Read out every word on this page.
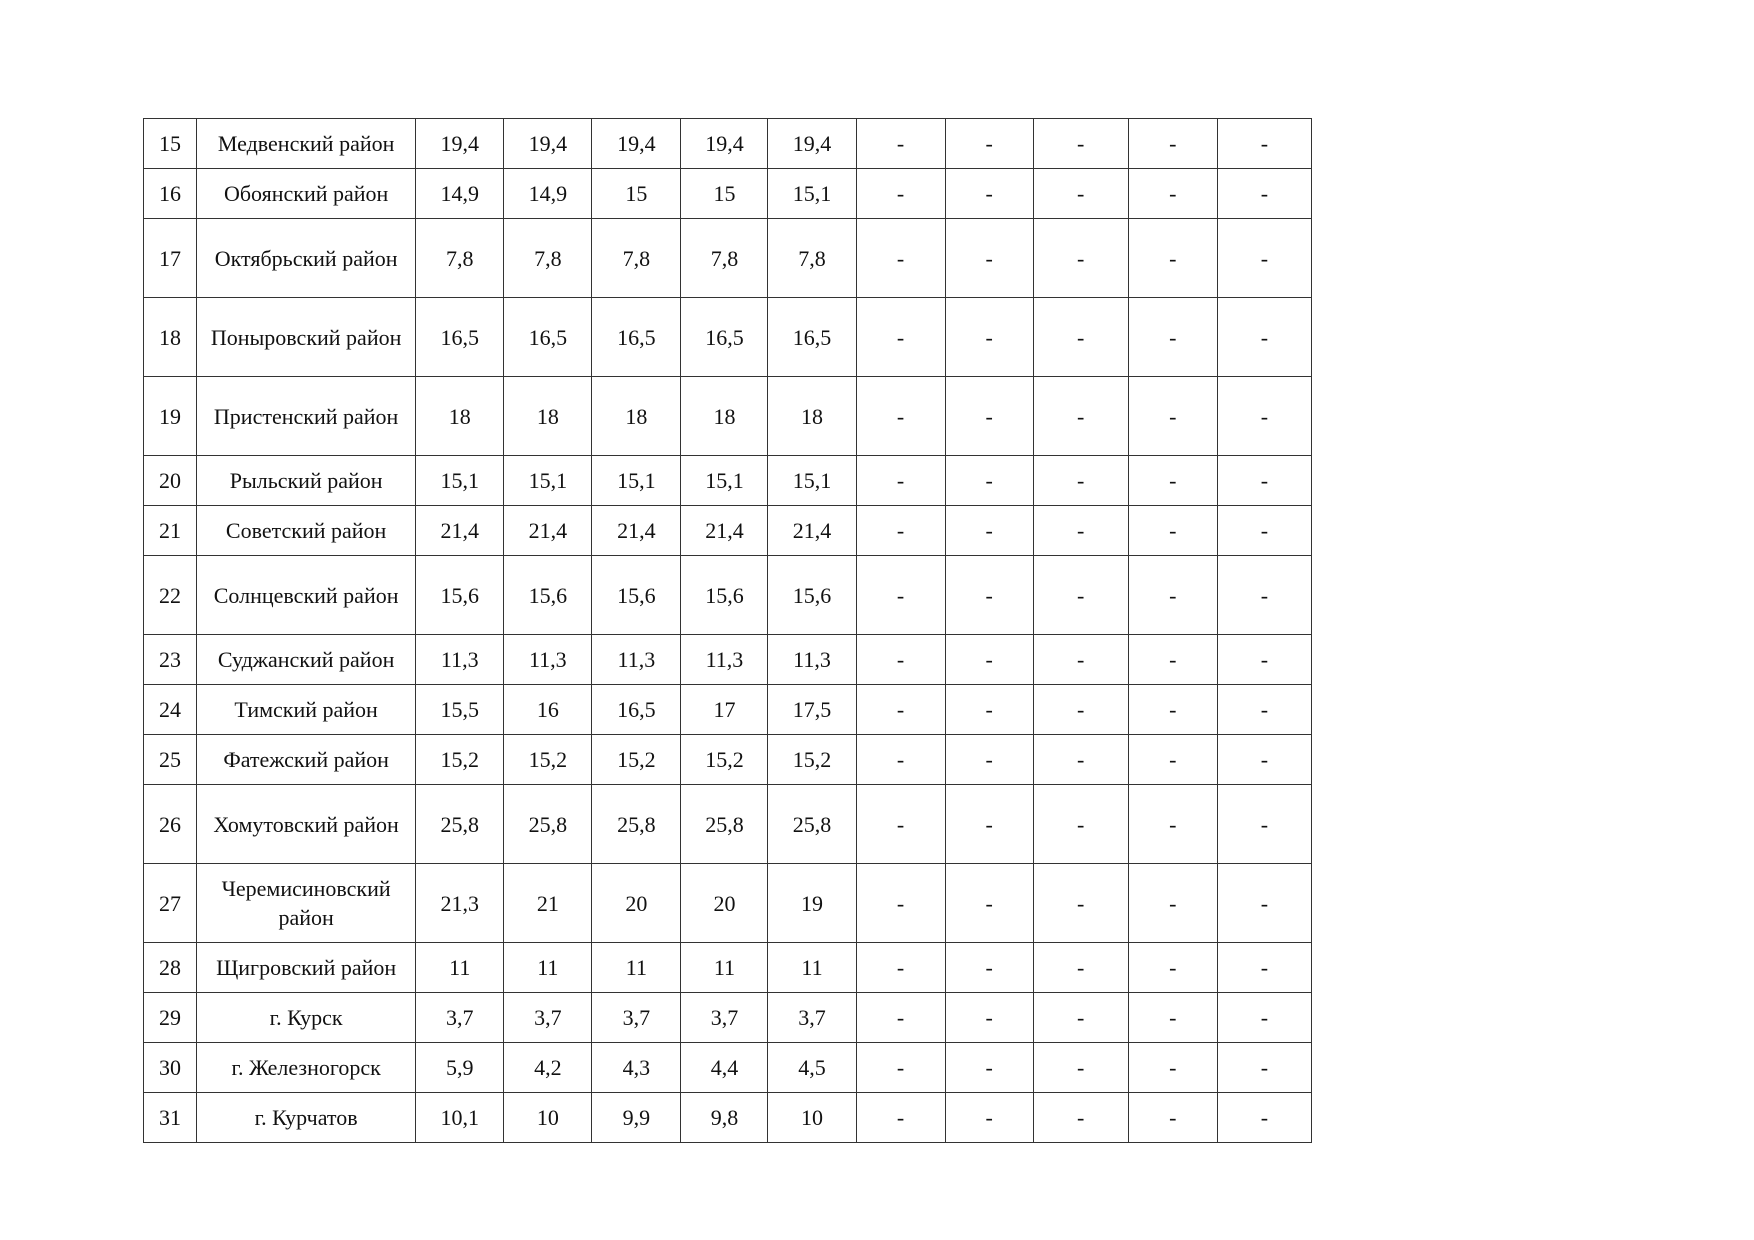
15	Медвенский район	19,4	19,4	19,4	19,4	19,4	-	-	-	-	-
16	Обоянский район	14,9	14,9	15	15	15,1	-	-	-	-	-
17	Октябрьский район	7,8	7,8	7,8	7,8	7,8	-	-	-	-	-
18	Поныровский район	16,5	16,5	16,5	16,5	16,5	-	-	-	-	-
19	Пристенский район	18	18	18	18	18	-	-	-	-	-
20	Рыльский район	15,1	15,1	15,1	15,1	15,1	-	-	-	-	-
21	Советский район	21,4	21,4	21,4	21,4	21,4	-	-	-	-	-
22	Солнцевский район	15,6	15,6	15,6	15,6	15,6	-	-	-	-	-
23	Суджанский район	11,3	11,3	11,3	11,3	11,3	-	-	-	-	-
24	Тимский район	15,5	16	16,5	17	17,5	-	-	-	-	-
25	Фатежский район	15,2	15,2	15,2	15,2	15,2	-	-	-	-	-
26	Хомутовский район	25,8	25,8	25,8	25,8	25,8	-	-	-	-	-
27	Черемисиновский район	21,3	21	20	20	19	-	-	-	-	-
28	Щигровский район	11	11	11	11	11	-	-	-	-	-
29	г. Курск	3,7	3,7	3,7	3,7	3,7	-	-	-	-	-
30	г. Железногорск	5,9	4,2	4,3	4,4	4,5	-	-	-	-	-
31	г. Курчатов	10,1	10	9,9	9,8	10	-	-	-	-	-
